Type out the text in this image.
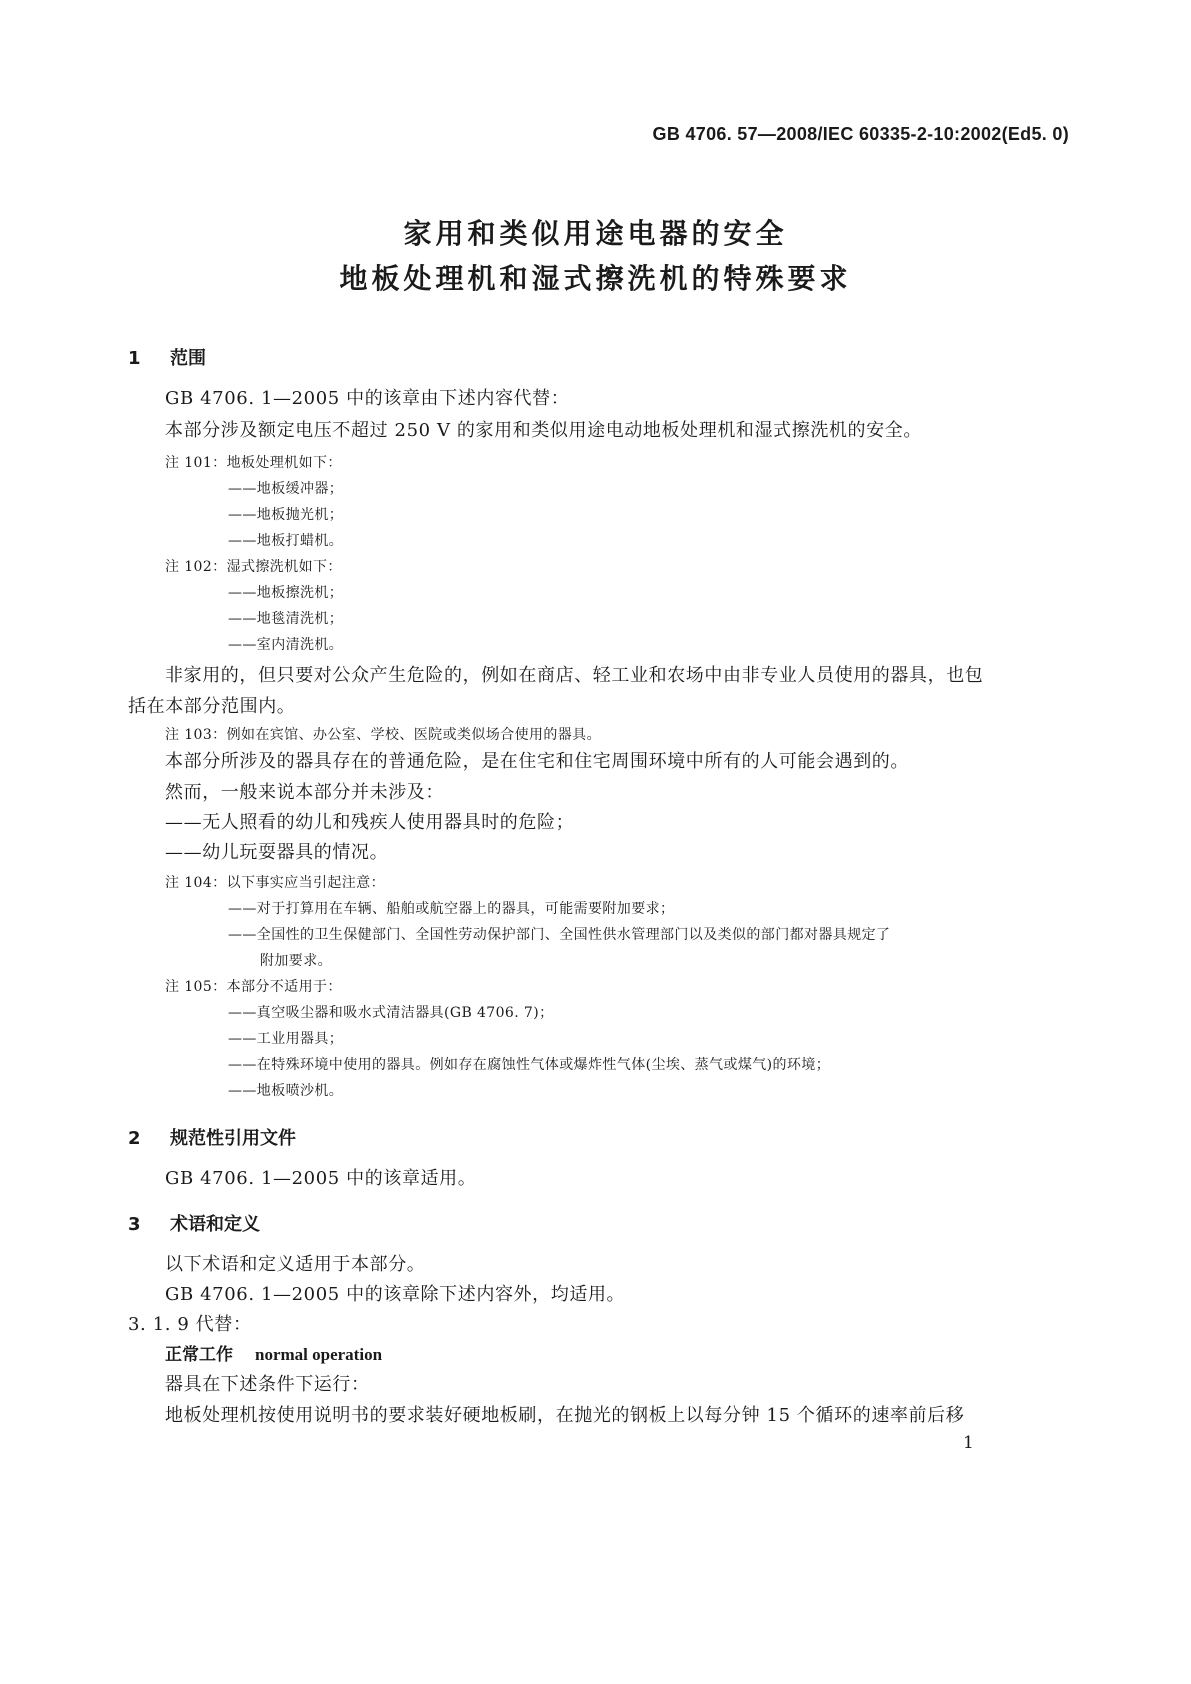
GB 4706. 57—2008/IEC 60335-2-10:2002(Ed5. 0)
家用和类似用途电器的安全
地板处理机和湿式擦洗机的特殊要求
1 范围
GB 4706. 1—2005 中的该章由下述内容代替：
本部分涉及额定电压不超过 250 V 的家用和类似用途电动地板处理机和湿式擦洗机的安全。
注 101：地板处理机如下：
——地板缓冲器；
——地板抛光机；
——地板打蜡机。
注 102：湿式擦洗机如下：
——地板擦洗机；
——地毯清洗机；
——室内清洗机。
非家用的，但只要对公众产生危险的，例如在商店、轻工业和农场中由非专业人员使用的器具，也包
括在本部分范围内。
注 103：例如在宾馆、办公室、学校、医院或类似场合使用的器具。
本部分所涉及的器具存在的普通危险，是在住宅和住宅周围环境中所有的人可能会遇到的。
然而，一般来说本部分并未涉及：
——无人照看的幼儿和残疾人使用器具时的危险；
——幼儿玩耍器具的情况。
注 104：以下事实应当引起注意：
——对于打算用在车辆、船舶或航空器上的器具，可能需要附加要求；
——全国性的卫生保健部门、全国性劳动保护部门、全国性供水管理部门以及类似的部门都对器具规定了
附加要求。
注 105：本部分不适用于：
——真空吸尘器和吸水式清洁器具(GB 4706. 7)；
——工业用器具；
——在特殊环境中使用的器具。例如存在腐蚀性气体或爆炸性气体(尘埃、蒸气或煤气)的环境；
——地板喷沙机。
2 规范性引用文件
GB 4706. 1—2005 中的该章适用。
3 术语和定义
以下术语和定义适用于本部分。
GB 4706. 1—2005 中的该章除下述内容外，均适用。
3. 1. 9 代替：
正常工作 normal operation
器具在下述条件下运行：
地板处理机按使用说明书的要求装好硬地板刷，在抛光的钢板上以每分钟 15 个循环的速率前后移
1
